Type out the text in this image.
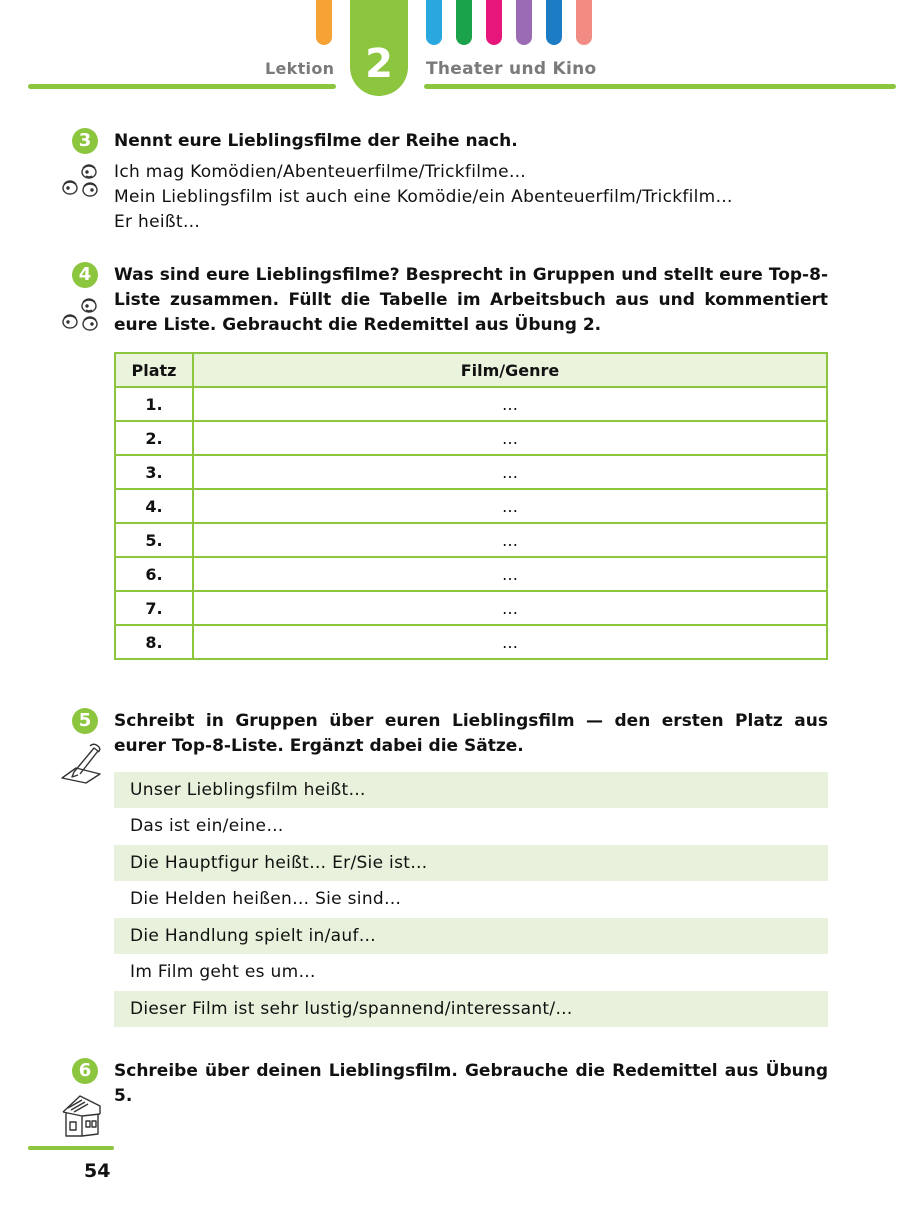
Lektion 2	Theater und Kino
3	Nennt eure Lieblingsfilme der Reihe nach.
Ich mag Komödien/Abenteuerfilme/Trickfilme…
Mein Lieblingsfilm ist auch eine Komödie/ein Abenteuerfilm/Trickfilm…
Er heißt…
4	Was sind eure Lieblingsfilme? Besprecht in Gruppen und stellt eure Top-8-Liste zusammen. Füllt die Tabelle im Arbeitsbuch aus und kommentiert eure Liste. Gebraucht die Redemittel aus Übung 2.
Platz	Film/Genre
1.	…
2.	…
3.	…
4.	…
5.	…
6.	…
7.	…
8.	…
5	Schreibt in Gruppen über euren Lieblingsfilm — den ersten Platz aus eurer Top-8-Liste. Ergänzt dabei die Sätze.
Unser Lieblingsfilm heißt…
Das ist ein/eine…
Die Hauptfigur heißt… Er/Sie ist…
Die Helden heißen… Sie sind…
Die Handlung spielt in/auf…
Im Film geht es um…
Dieser Film ist sehr lustig/spannend/interessant/…
6	Schreibe über deinen Lieblingsfilm. Gebrauche die Redemittel aus Übung 5.
54
